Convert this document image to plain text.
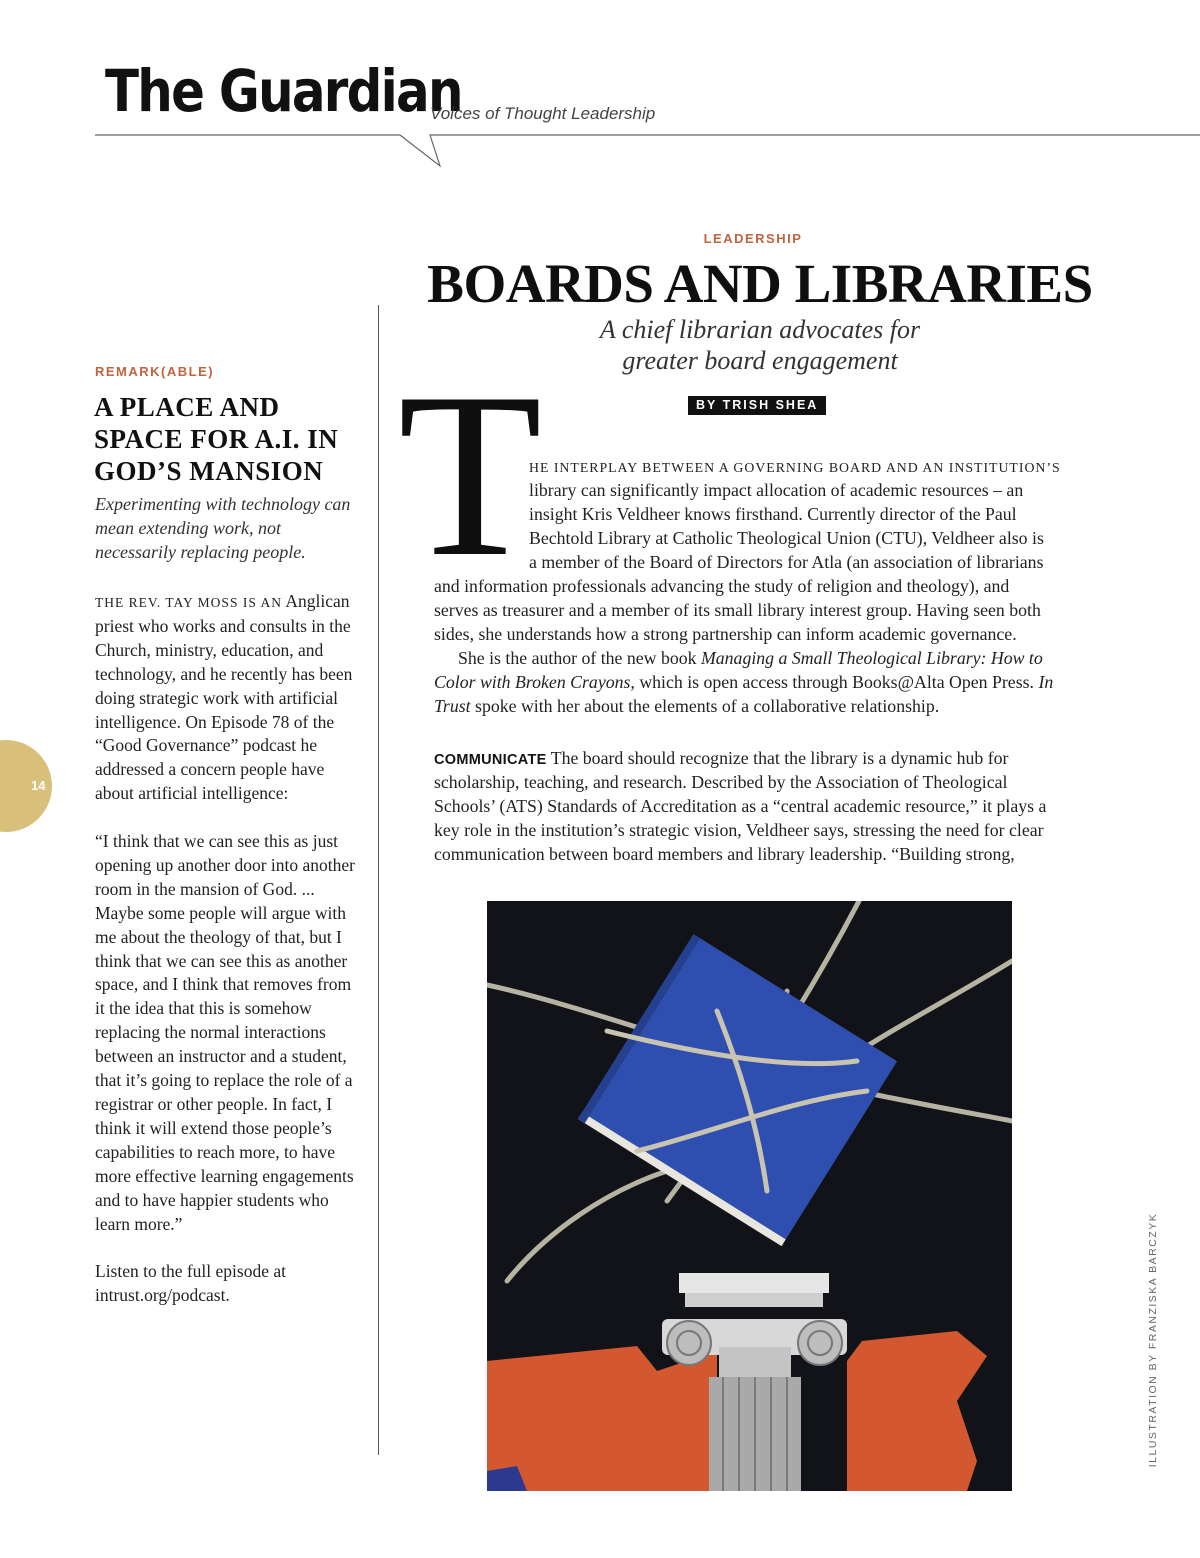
The Guardian
Voices of Thought Leadership
14
REMARK(ABLE)
A PLACE AND SPACE FOR A.I. IN GOD’S MANSION
Experimenting with technology can mean extending work, not necessarily replacing people.

THE REV. TAY MOSS IS AN Anglican priest who works and consults in the Church, ministry, education, and technology, and he recently has been doing strategic work with artificial intelligence. On Episode 78 of the “Good Governance” podcast he addressed a concern people have about artificial intelligence:

“I think that we can see this as just opening up another door into another room in the mansion of God. ... Maybe some people will argue with me about the theology of that, but I think that we can see this as another space, and I think that removes from it the idea that this is somehow replacing the normal interactions between an instructor and a student, that it’s going to replace the role of a registrar or other people. In fact, I think it will extend those people’s capabilities to reach more, to have more effective learning engagements and to have happier students who learn more.”

Listen to the full episode at intrust.org/podcast.

LEADERSHIP
BOARDS AND LIBRARIES
A chief librarian advocates for greater board engagement
BY TRISH SHEA
T
HE INTERPLAY BETWEEN A GOVERNING BOARD AND AN INSTITUTION’S
library can significantly impact allocation of academic resources – an
insight Kris Veldheer knows firsthand. Currently director of the Paul
Bechtold Library at Catholic Theological Union (CTU), Veldheer also is
a member of the Board of Directors for Atla (an association of librarians
and information professionals advancing the study of religion and theology), and
serves as treasurer and a member of its small library interest group. Having seen both
sides, she understands how a strong partnership can inform academic governance.
She is the author of the new book Managing a Small Theological Library: How to
Color with Broken Crayons, which is open access through Books@Alta Open Press. In
Trust spoke with her about the elements of a collaborative relationship.
COMMUNICATE The board should recognize that the library is a dynamic hub for
scholarship, teaching, and research. Described by the Association of Theological
Schools’ (ATS) Standards of Accreditation as a “central academic resource,” it plays a
key role in the institution’s strategic vision, Veldheer says, stressing the need for clear
communication between board members and library leadership. “Building strong,
ILLUSTRATION BY FRANZISKA BARCZYK
